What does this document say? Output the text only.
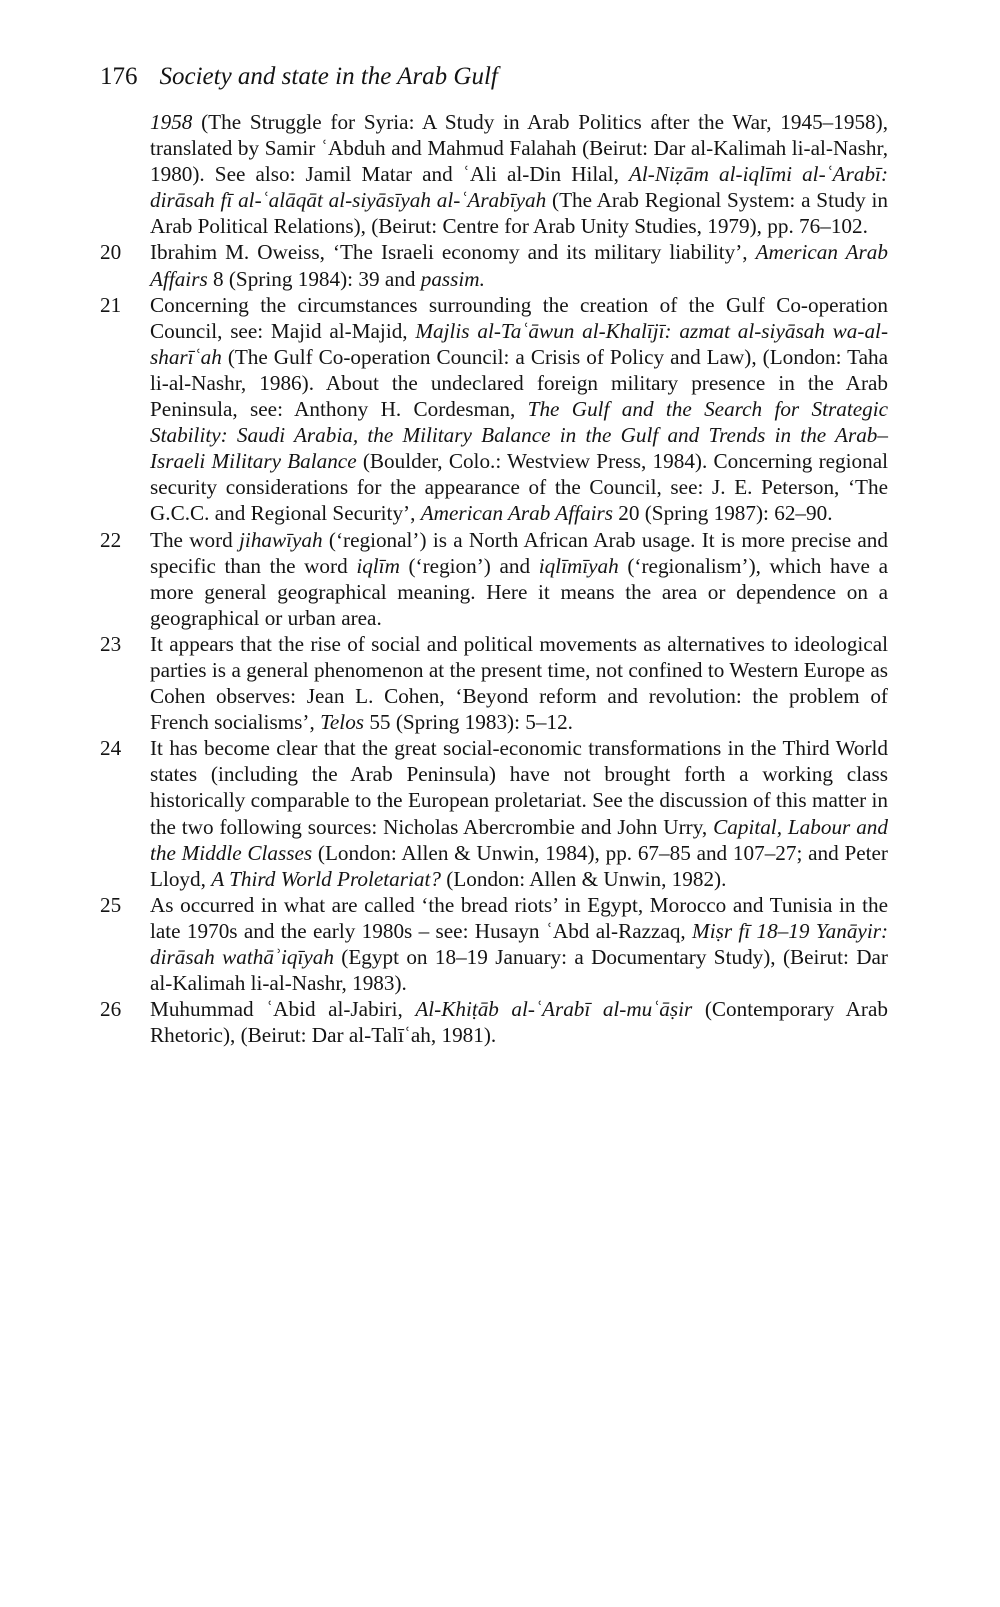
176 Society and state in the Arab Gulf
1958 (The Struggle for Syria: A Study in Arab Politics after the War, 1945–1958), translated by Samir ʿAbduh and Mahmud Falahah (Beirut: Dar al-Kalimah li-al-Nashr, 1980). See also: Jamil Matar and ʿAli al-Din Hilal, Al-Niẓām al-iqlīmi al-ʿArabī: dirāsah fī al-ʿalāqāt al-siyāsīyah al-ʿArabīyah (The Arab Regional System: a Study in Arab Political Relations), (Beirut: Centre for Arab Unity Studies, 1979), pp. 76–102.
20	Ibrahim M. Oweiss, ‘The Israeli economy and its military liability’, American Arab Affairs 8 (Spring 1984): 39 and passim.
21	Concerning the circumstances surrounding the creation of the Gulf Co-operation Council, see: Majid al-Majid, Majlis al-Taʿāwun al-Khalījī: azmat al-siyāsah wa-al-sharīʿah (The Gulf Co-operation Council: a Crisis of Policy and Law), (London: Taha li-al-Nashr, 1986). About the undeclared foreign military presence in the Arab Peninsula, see: Anthony H. Cordesman, The Gulf and the Search for Strategic Stability: Saudi Arabia, the Military Balance in the Gulf and Trends in the Arab–Israeli Military Balance (Boulder, Colo.: Westview Press, 1984). Concerning regional security considerations for the appearance of the Council, see: J. E. Peterson, ‘The G.C.C. and Regional Security’, American Arab Affairs 20 (Spring 1987): 62–90.
22	The word jihawīyah (‘regional’) is a North African Arab usage. It is more precise and specific than the word iqlīm (‘region’) and iqlīmīyah (‘regionalism’), which have a more general geographical meaning. Here it means the area or dependence on a geographical or urban area.
23	It appears that the rise of social and political movements as alternatives to ideological parties is a general phenomenon at the present time, not confined to Western Europe as Cohen observes: Jean L. Cohen, ‘Beyond reform and revolution: the problem of French socialisms’, Telos 55 (Spring 1983): 5–12.
24	It has become clear that the great social-economic transformations in the Third World states (including the Arab Peninsula) have not brought forth a working class historically comparable to the European proletariat. See the discussion of this matter in the two following sources: Nicholas Abercrombie and John Urry, Capital, Labour and the Middle Classes (London: Allen & Unwin, 1984), pp. 67–85 and 107–27; and Peter Lloyd, A Third World Proletariat? (London: Allen & Unwin, 1982).
25	As occurred in what are called ‘the bread riots’ in Egypt, Morocco and Tunisia in the late 1970s and the early 1980s – see: Husayn ʿAbd al-Razzaq, Miṣr fī 18–19 Yanāyir: dirāsah wathāʾiqīyah (Egypt on 18–19 January: a Documentary Study), (Beirut: Dar al-Kalimah li-al-Nashr, 1983).
26	Muhummad ʿAbid al-Jabiri, Al-Khiṭāb al-ʿArabī al-muʿāṣir (Contemporary Arab Rhetoric), (Beirut: Dar al-Talīʿah, 1981).
